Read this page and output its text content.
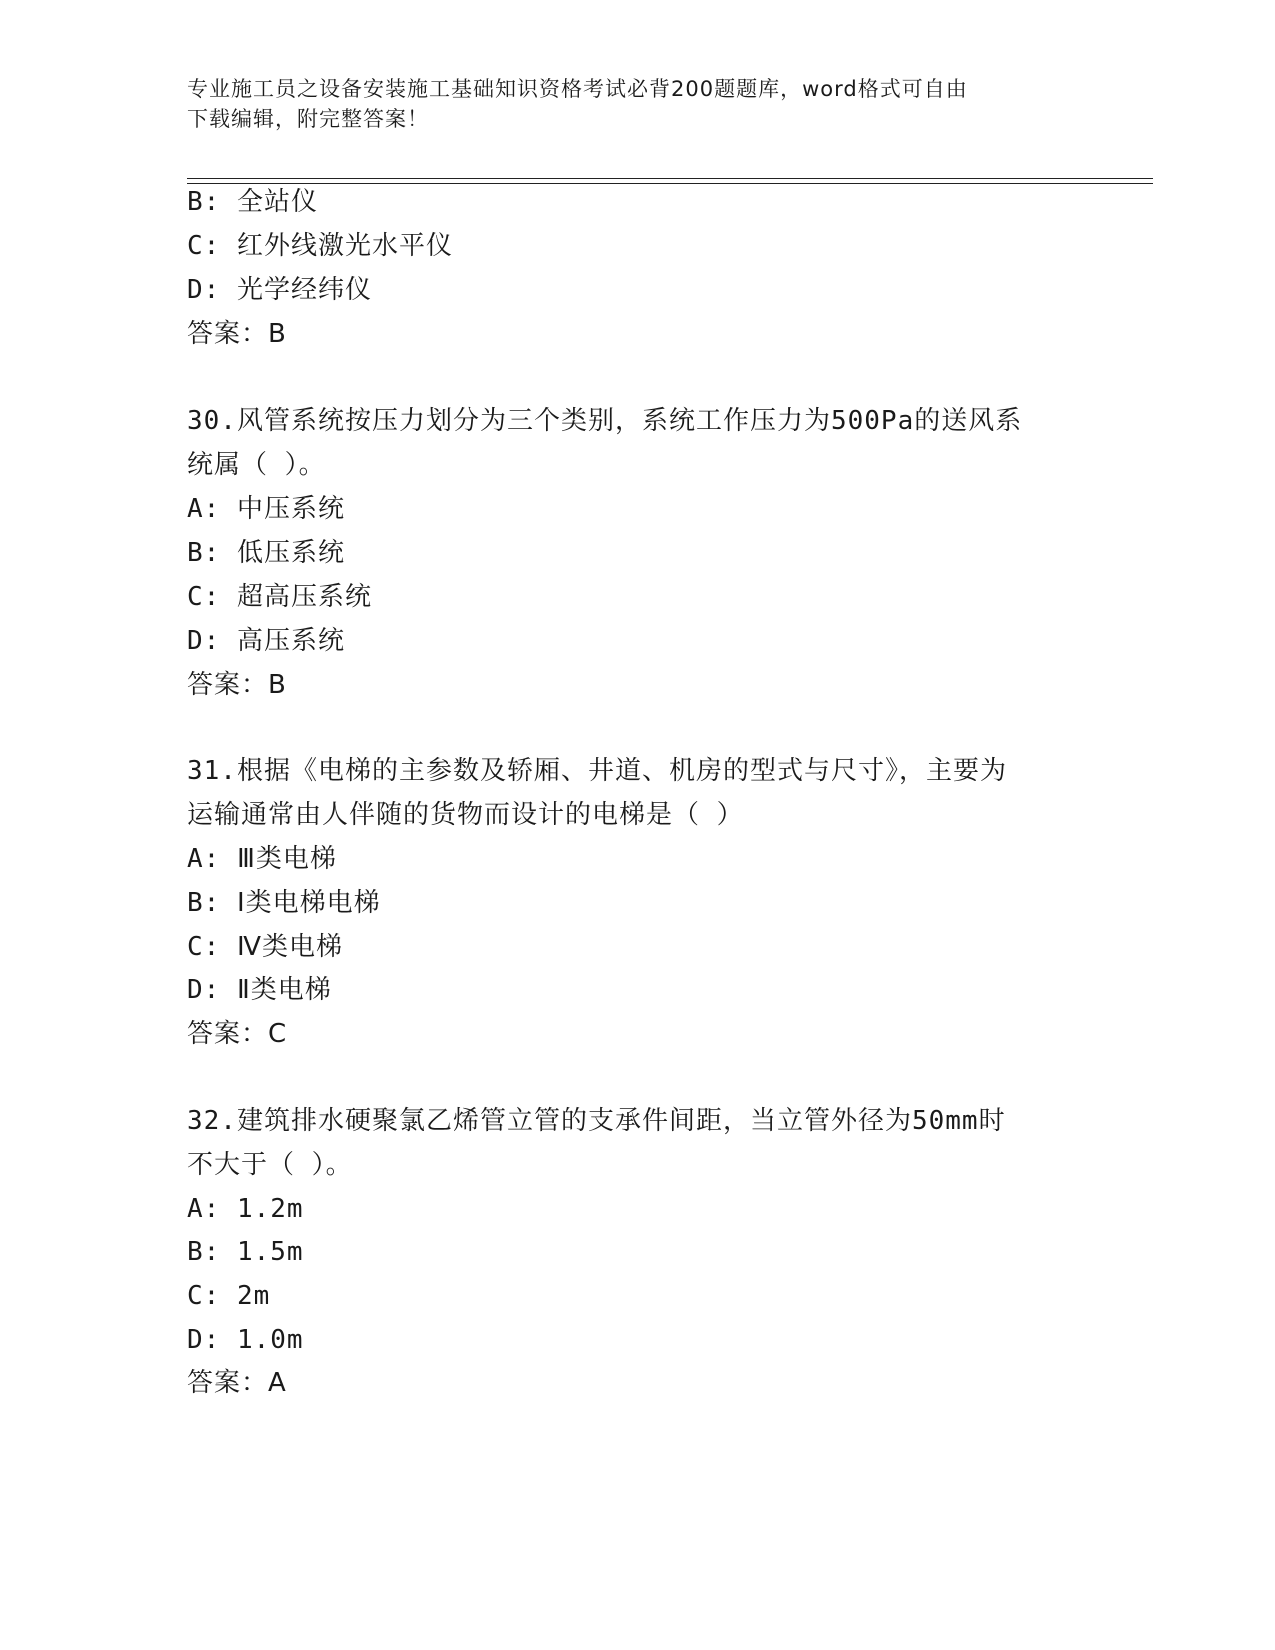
专业施工员之设备安装施工基础知识资格考试必背200题题库，word格式可自由
下载编辑，附完整答案！
B: 全站仪
C: 红外线激光水平仪
D: 光学经纬仪
答案：B
30.风管系统按压力划分为三个类别，系统工作压力为500Pa的送风系
统属（ ）。
A: 中压系统
B: 低压系统
C: 超高压系统
D: 高压系统
答案：B
31.根据《电梯的主参数及轿厢、井道、机房的型式与尺寸》，主要为
运输通常由人伴随的货物而设计的电梯是（ ）
A: Ⅲ类电梯
B: Ⅰ类电梯电梯
C: Ⅳ类电梯
D: Ⅱ类电梯
答案：C
32.建筑排水硬聚氯乙烯管立管的支承件间距，当立管外径为50mm时
不大于（ ）。
A: 1.2m
B: 1.5m
C: 2m
D: 1.0m
答案：A
